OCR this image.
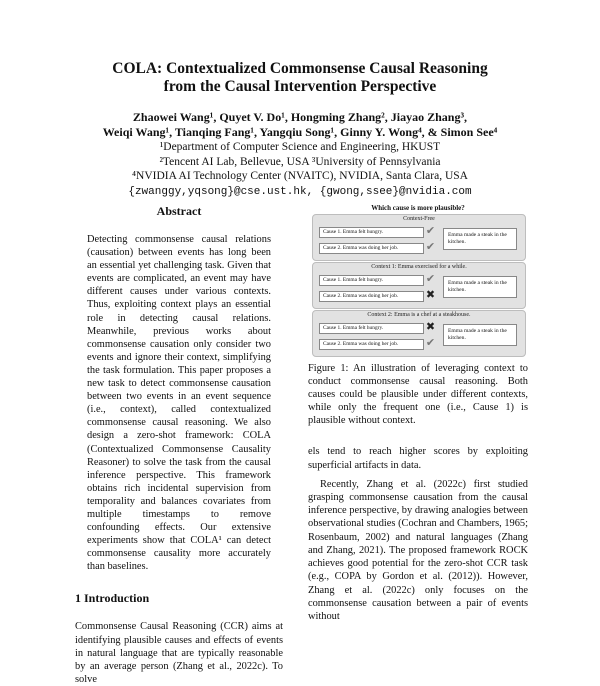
COLA: Contextualized Commonsense Causal Reasoning
from the Causal Intervention Perspective
Zhaowei Wang¹, Quyet V. Do¹, Hongming Zhang², Jiayao Zhang³,
Weiqi Wang¹, Tianqing Fang¹, Yangqiu Song¹, Ginny Y. Wong⁴, & Simon See⁴
¹Department of Computer Science and Engineering, HKUST
²Tencent AI Lab, Bellevue, USA ³University of Pennsylvania
⁴NVIDIA AI Technology Center (NVAITC), NVIDIA, Santa Clara, USA
{zwanggy,yqsong}@cse.ust.hk, {gwong,ssee}@nvidia.com
Abstract
Detecting commonsense causal relations (causation) between events has long been an essential yet challenging task. Given that events are complicated, an event may have different causes under various contexts. Thus, exploiting context plays an essential role in detecting causal relations. Meanwhile, previous works about commonsense causation only consider two events and ignore their context, simplifying the task formulation. This paper proposes a new task to detect commonsense causation between two events in an event sequence (i.e., context), called contextualized commonsense causal reasoning. We also design a zero-shot framework: COLA (Contextualized Commonsense Causality Reasoner) to solve the task from the causal inference perspective. This framework obtains rich incidental supervision from temporality and balances covariates from multiple timestamps to remove confounding effects. Our extensive experiments show that COLA¹ can detect commonsense causality more accurately than baselines.
1 Introduction
Commonsense Causal Reasoning (CCR) aims at identifying plausible causes and effects of events in natural language that are typically reasonable by an average person (Zhang et al., 2022c). To solve
Which cause is more plausible?
Context-Free
Cause 1. Emma felt hungry.
Cause 2. Emma was doing her job.
✔
✔
Emma made a steak in the kitchen.
Context 1: Emma exercised for a while.
Cause 1. Emma felt hungry.
Cause 2. Emma was doing her job.
✔
✖
Emma made a steak in the kitchen.
Context 2: Emma is a chef at a steakhouse.
Cause 1. Emma felt hungry.
Cause 2. Emma was doing her job.
✖
✔
Emma made a steak in the kitchen.
Figure 1: An illustration of leveraging context to conduct commonsense causal reasoning. Both causes could be plausible under different contexts, while only the frequent one (i.e., Cause 1) is plausible without context.
els tend to reach higher scores by exploiting superficial artifacts in data.
Recently, Zhang et al. (2022c) first studied grasping commonsense causation from the causal inference perspective, by drawing analogies between observational studies (Cochran and Chambers, 1965; Rosenbaum, 2002) and natural languages (Zhang and Zhang, 2021). The proposed framework ROCK achieves good potential for the zero-shot CCR task (e.g., COPA by Gordon et al. (2012)). However, Zhang et al. (2022c) only focuses on the commonsense causation between a pair of events without
